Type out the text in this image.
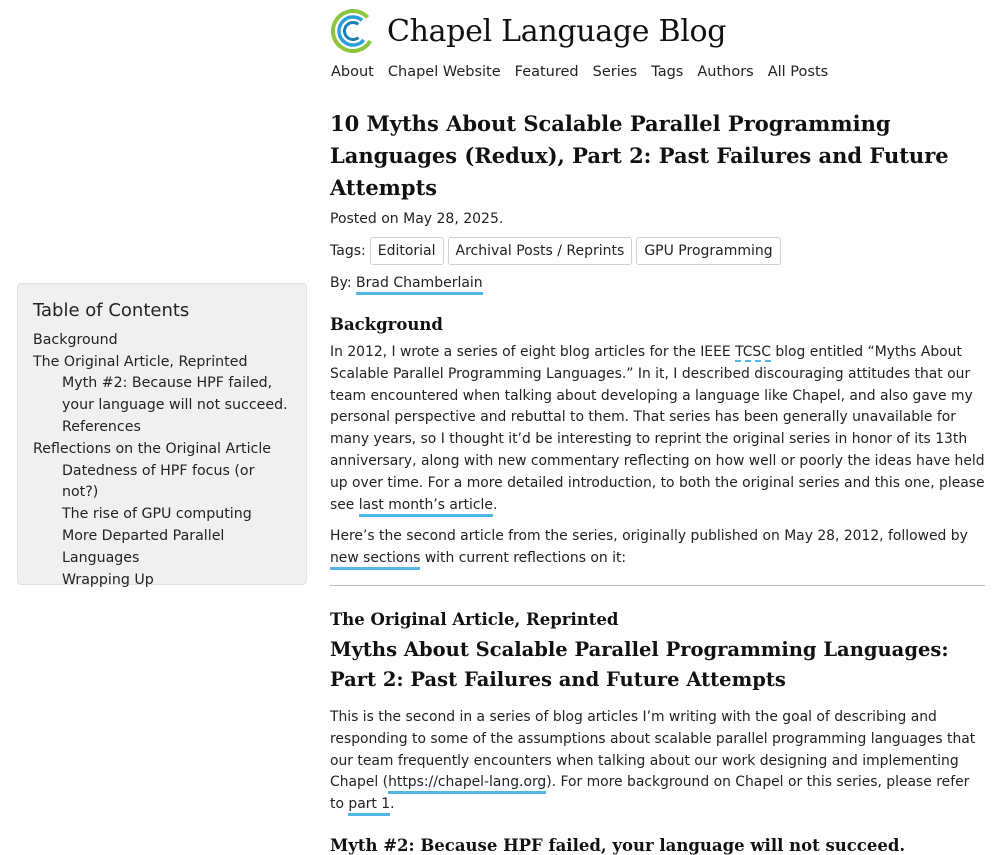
Chapel Language Blog
About Chapel Website Featured Series Tags Authors All Posts
Table of Contents
Background
The Original Article, Reprinted
Myth #2: Because HPF failed, your language will not succeed.
References
Reflections on the Original Article
Datedness of HPF focus (or not?)
The rise of GPU computing
More Departed Parallel Languages
Wrapping Up
10 Myths About Scalable Parallel Programming Languages (Redux), Part 2: Past Failures and Future Attempts
Posted on May 28, 2025.
Tags: Editorial	Archival Posts / Reprints	GPU Programming
By: Brad Chamberlain
Background

In 2012, I wrote a series of eight blog articles for the IEEE TCSC blog entitled “Myths About Scalable Parallel Programming Languages.” In it, I described discouraging attitudes that our team encountered when talking about developing a language like Chapel, and also gave my personal perspective and rebuttal to them. That series has been generally unavailable for many years, so I thought it’d be interesting to reprint the original series in honor of its 13th anniversary, along with new commentary reflecting on how well or poorly the ideas have held up over time. For a more detailed introduction, to both the original series and this one, please see last month’s article.

Here’s the second article from the series, originally published on May 28, 2012, followed by new sections with current reflections on it:

The Original Article, Reprinted
Myths About Scalable Parallel Programming Languages:
Part 2: Past Failures and Future Attempts

This is the second in a series of blog articles I’m writing with the goal of describing and responding to some of the assumptions about scalable parallel programming languages that our team frequently encounters when talking about our work designing and implementing Chapel (https://chapel-lang.org). For more background on Chapel or this series, please refer to part 1.

Myth #2: Because HPF failed, your language will not succeed.
